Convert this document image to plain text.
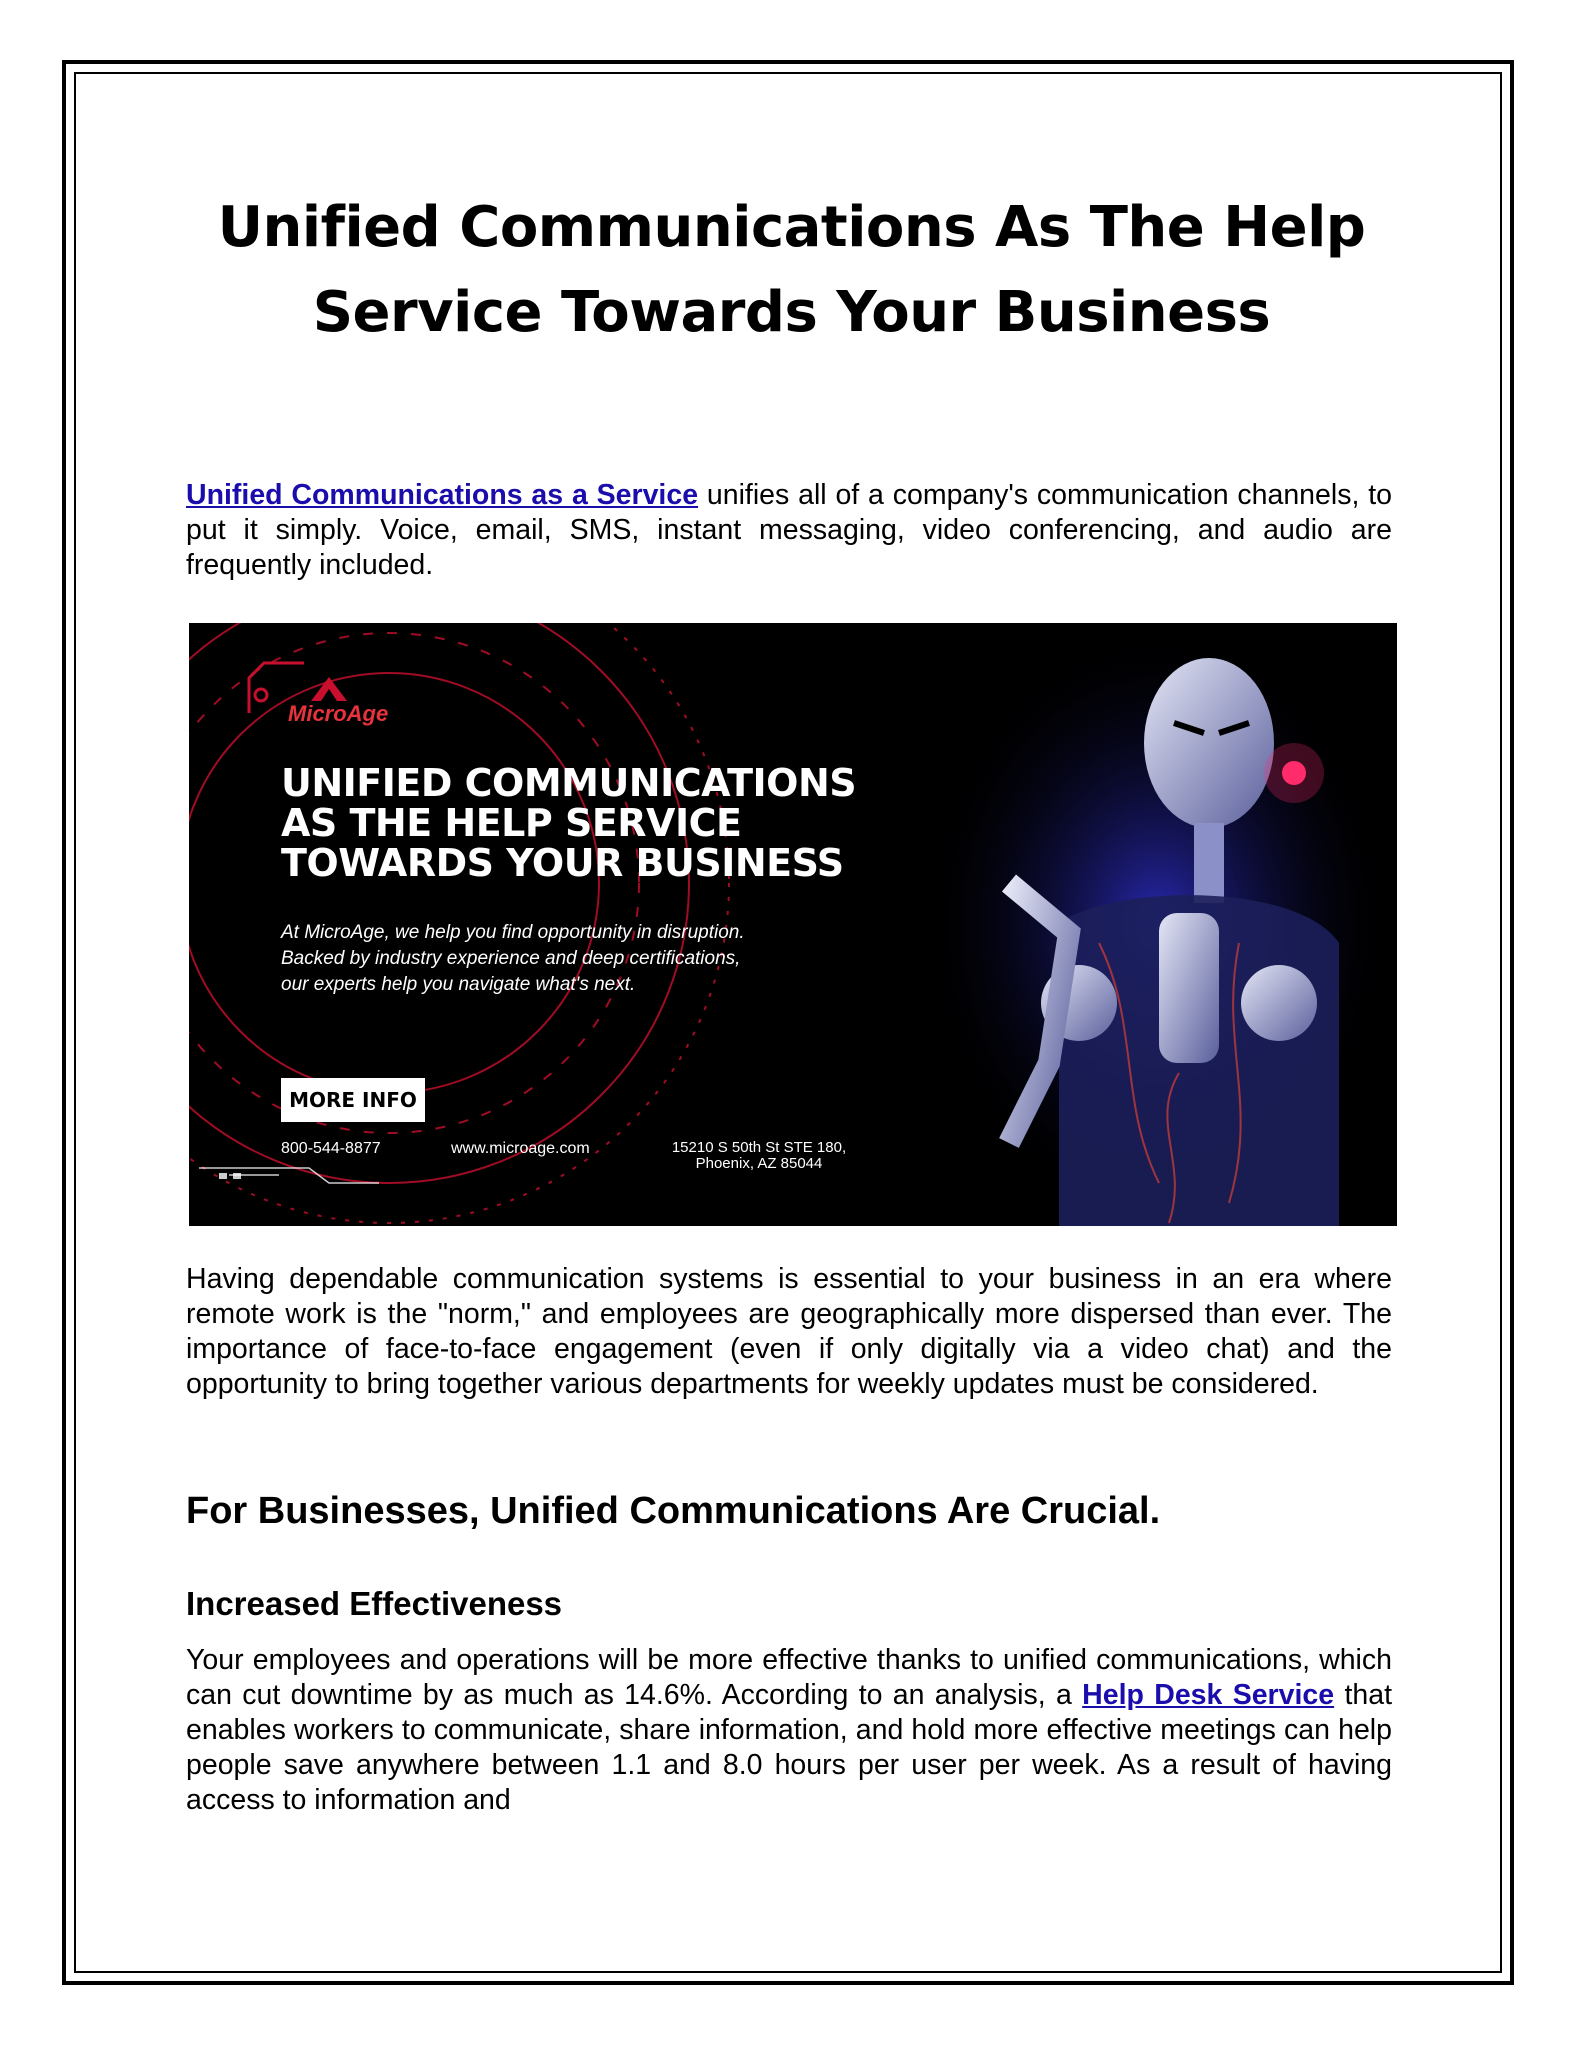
Unified Communications As The Help
Service Towards Your Business

Unified Communications as a Service unifies all of a company's communication channels, to put it simply. Voice, email, SMS, instant messaging, video conferencing, and audio are frequently included.

MicroAge
UNIFIED COMMUNICATIONS
AS THE HELP SERVICE
TOWARDS YOUR BUSINESS
At MicroAge, we help you find opportunity in disruption.
Backed by industry experience and deep certifications,
our experts help you navigate what's next.
MORE INFO
800-544-8877	www.microage.com	15210 S 50th St STE 180,
Phoenix, AZ 85044

Having dependable communication systems is essential to your business in an era where remote work is the "norm," and employees are geographically more dispersed than ever. The importance of face-to-face engagement (even if only digitally via a video chat) and the opportunity to bring together various departments for weekly updates must be considered.

For Businesses, Unified Communications Are Crucial.
Increased Effectiveness

Your employees and operations will be more effective thanks to unified communications, which can cut downtime by as much as 14.6%. According to an analysis, a Help Desk Service that enables workers to communicate, share information, and hold more effective meetings can help people save anywhere between 1.1 and 8.0 hours per user per week. As a result of having access to information and
